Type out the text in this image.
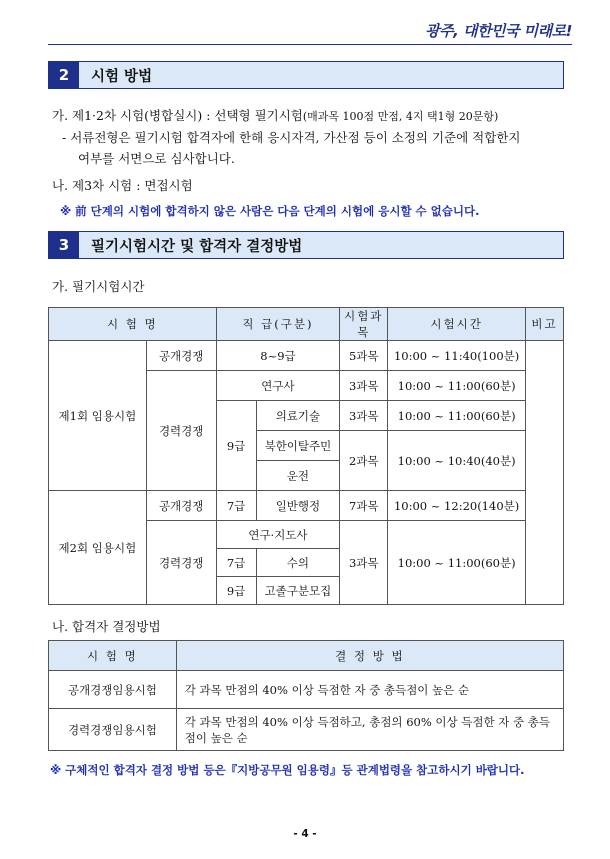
광주, 대한민국 미래로!
2	시험 방법
가. 제1·2차 시험(병합실시) : 선택형 필기시험(매과목 100점 만점, 4지 택1형 20문항)
- 서류전형은 필기시험 합격자에 한해 응시자격, 가산점 등이 소정의 기준에 적합한지
여부를 서면으로 심사합니다.
나. 제3차 시험 : 면접시험
※ 前 단계의 시험에 합격하지 않은 사람은 다음 단계의 시험에 응시할 수 없습니다.
3	필기시험시간 및 합격자 결정방법
가. 필기시험시간
시 험 명		직 급(구분)		시험과목	시험시간	비고
제1회 임용시험	공개경쟁	8~9급		5과목	10:00 ~ 11:40(100분)	
	경력경쟁	연구사		3과목	10:00 ~ 11:00(60분)	
		9급	의료기술	3과목	10:00 ~ 11:00(60분)	
			북한이탈주민	2과목	10:00 ~ 10:40(40분)	
			운전			
제2회 임용시험	공개경쟁	7급	일반행정	7과목	10:00 ~ 12:20(140분)	
	경력경쟁	연구·지도사		3과목	10:00 ~ 11:00(60분)	
		7급	수의			
		9급	고졸구분모집			
나. 합격자 결정방법
시 험 명	결 정 방 법
공개경쟁임용시험	각 과목 만점의 40% 이상 득점한 자 중 총득점이 높은 순
경력경쟁임용시험	각 과목 만점의 40% 이상 득점하고, 총점의 60% 이상 득점한 자 중 총득점이 높은 순
※ 구체적인 합격자 결정 방법 등은『지방공무원 임용령』등 관계법령을 참고하시기 바랍니다.
- 4 -
